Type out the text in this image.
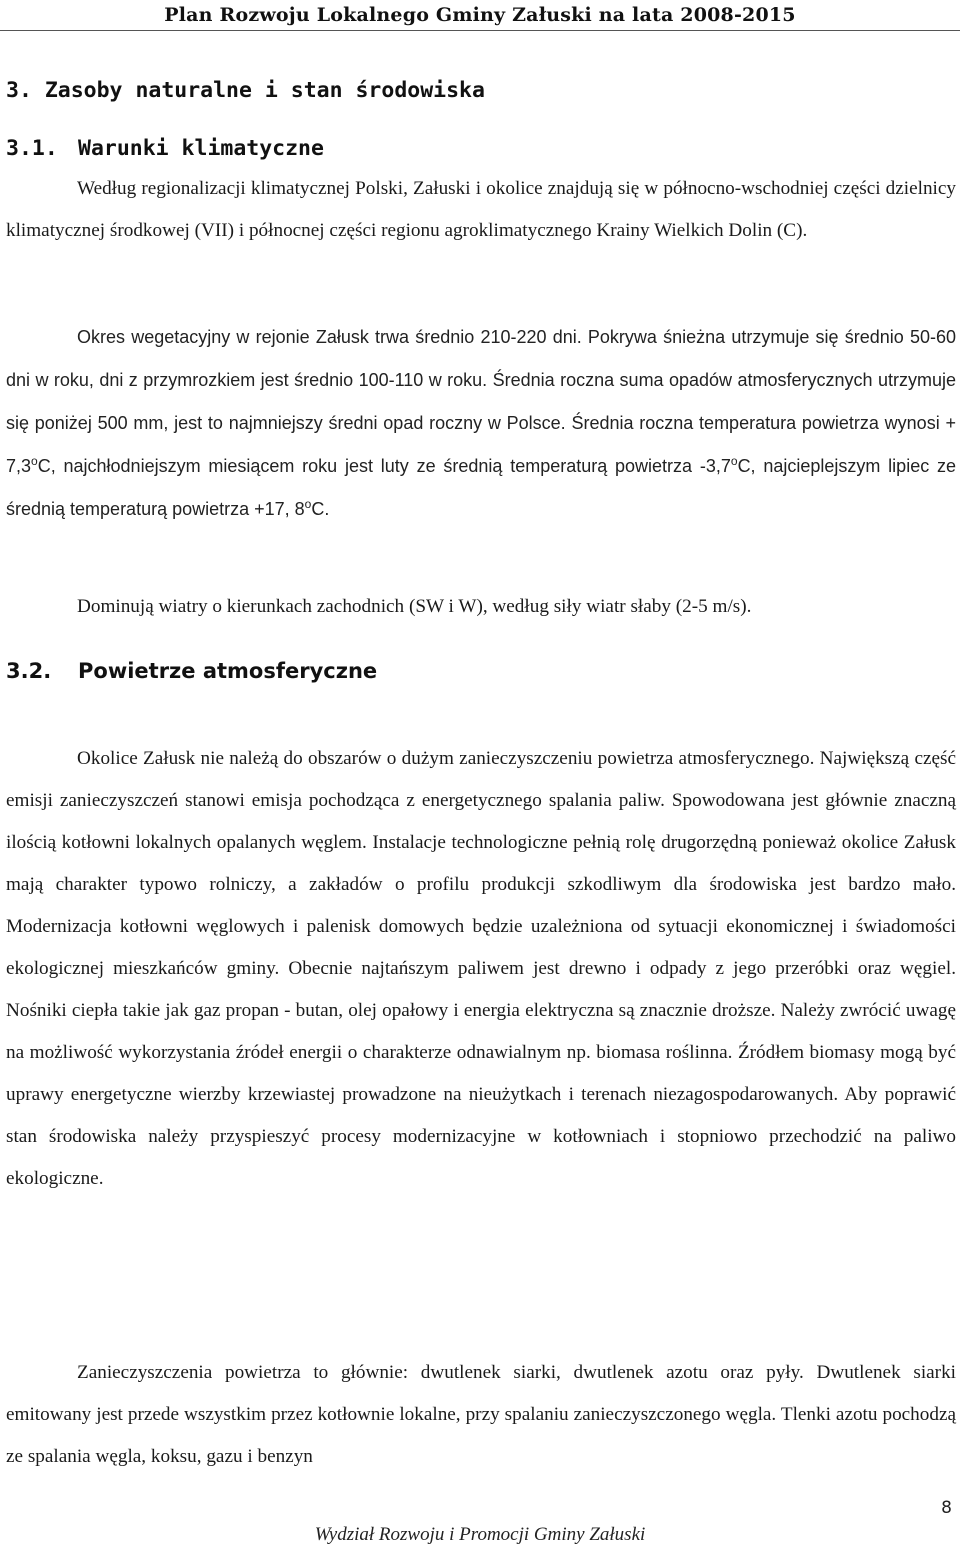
Plan Rozwoju Lokalnego Gminy Załuski na lata 2008-2015
3. Zasoby naturalne i stan środowiska
3.1. Warunki klimatyczne

Według regionalizacji klimatycznej Polski, Załuski i okolice znajdują się w północno-wschodniej części dzielnicy klimatycznej środkowej (VII) i północnej części regionu agroklimatycznego Krainy Wielkich Dolin (C).

Okres wegetacyjny w rejonie Załusk trwa średnio 210-220 dni. Pokrywa śnieżna utrzymuje się średnio 50-60 dni w roku, dni z przymrozkiem jest średnio 100-110 w roku. Średnia roczna suma opadów atmosferycznych utrzymuje się poniżej 500 mm, jest to najmniejszy średni opad roczny w Polsce. Średnia roczna temperatura powietrza wynosi + $7,3^oC$, najchłodniejszym miesiącem roku jest luty ze średnią temperaturą powietrza -3,7$^o$C, najcieplejszym lipiec ze średnią temperaturą powietrza +17, 8$^o$C.

Dominują wiatry o kierunkach zachodnich (SW i W), według siły wiatr słaby (2-5 m/s).

3.2. Powietrze atmosferyczne

Okolice Załusk nie należą do obszarów o dużym zanieczyszczeniu powietrza atmosferycznego. Największą część emisji zanieczyszczeń stanowi emisja pochodząca z energetycznego spalania paliw. Spowodowana jest głównie znaczną ilością kotłowni lokalnych opalanych węglem. Instalacje technologiczne pełnią rolę drugorzędną ponieważ okolice Załusk mają charakter typowo rolniczy, a zakładów o profilu produkcji szkodliwym dla środowiska jest bardzo mało. Modernizacja kotłowni węglowych i palenisk domowych będzie uzależniona od sytuacji ekonomicznej i świadomości ekologicznej mieszkańców gminy. Obecnie najtańszym paliwem jest drewno i odpady z jego przeróbki oraz węgiel. Nośniki ciepła takie jak gaz propan - butan, olej opałowy i energia elektryczna są znacznie droższe. Należy zwrócić uwagę na możliwość wykorzystania źródeł energii o charakterze odnawialnym np. biomasa roślinna. Źródłem biomasy mogą być uprawy energetyczne wierzby krzewiastej prowadzone na nieużytkach i terenach niezagospodarowanych. Aby poprawić stan środowiska należy przyspieszyć procesy modernizacyjne w kotłowniach i stopniowo przechodzić na paliwo ekologiczne.

Zanieczyszczenia powietrza to głównie: dwutlenek siarki, dwutlenek azotu oraz pyły. Dwutlenek siarki emitowany jest przede wszystkim przez kotłownie lokalne, przy spalaniu zanieczyszczonego węgla. Tlenki azotu pochodzą ze spalania węgla, koksu, gazu i benzyn

8
Wydział Rozwoju i Promocji Gminy Załuski
